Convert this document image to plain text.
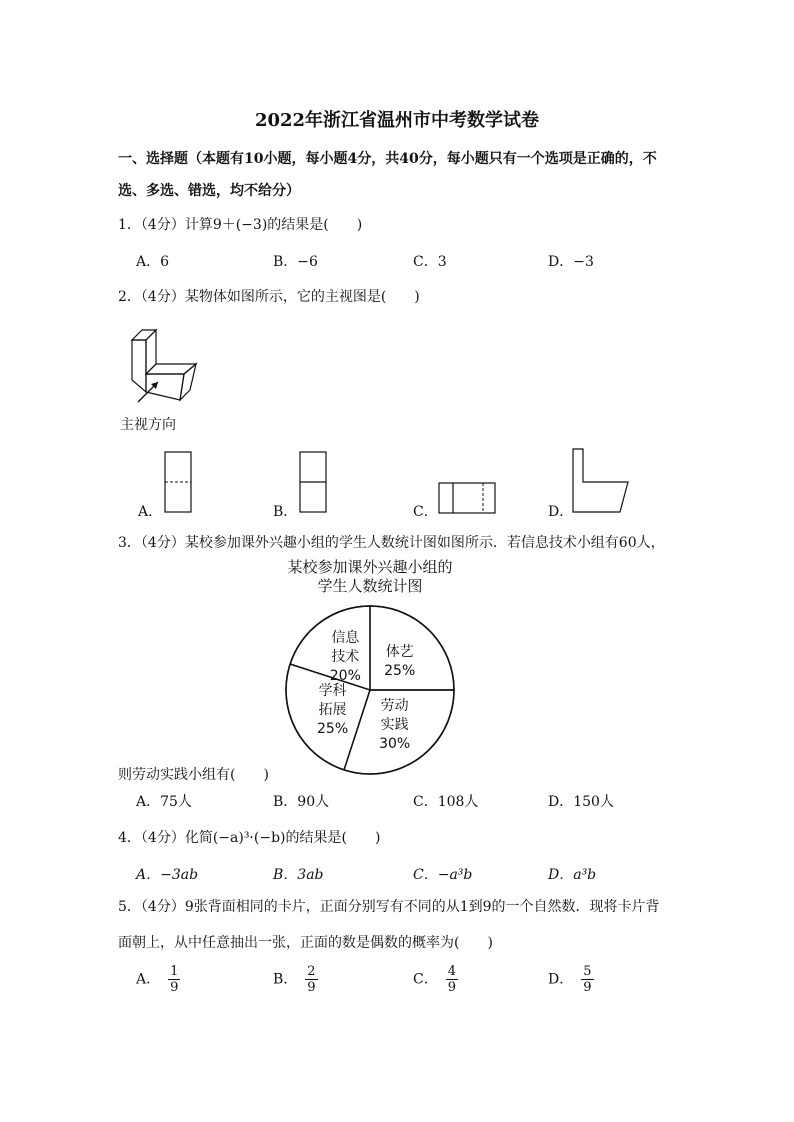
2022年浙江省温州市中考数学试卷
一、选择题（本题有10小题，每小题4分，共40分，每小题只有一个选项是正确的，不
选、多选、错选，均不给分）
1．（4分）计算9＋(−3)的结果是(　　)
A．6	B．−6	C．3	D．−3
2．（4分）某物体如图所示，它的主视图是(　　)
主视方向
A．	B．	C．	D．
3．（4分）某校参加课外兴趣小组的学生人数统计图如图所示．若信息技术小组有60人，
某校参加课外兴趣小组的
学生人数统计图
信息
技术
20%
体艺
25%
劳动
实践
30%
学科
拓展
25%
则劳动实践小组有(　　)
A．75人	B．90人	C．108人	D．150人
4．（4分）化简(−a)³·(−b)的结果是(　　)
A．−3ab	B．3ab	C．−a³b	D．a³b
5．（4分）9张背面相同的卡片，正面分别写有不同的从1到9的一个自然数．现将卡片背
面朝上，从中任意抽出一张，正面的数是偶数的概率为(　　)
A． $\frac{1}{9}$	B． $\frac{2}{9}$	C． $\frac{4}{9}$	D． $\frac{5}{9}$
